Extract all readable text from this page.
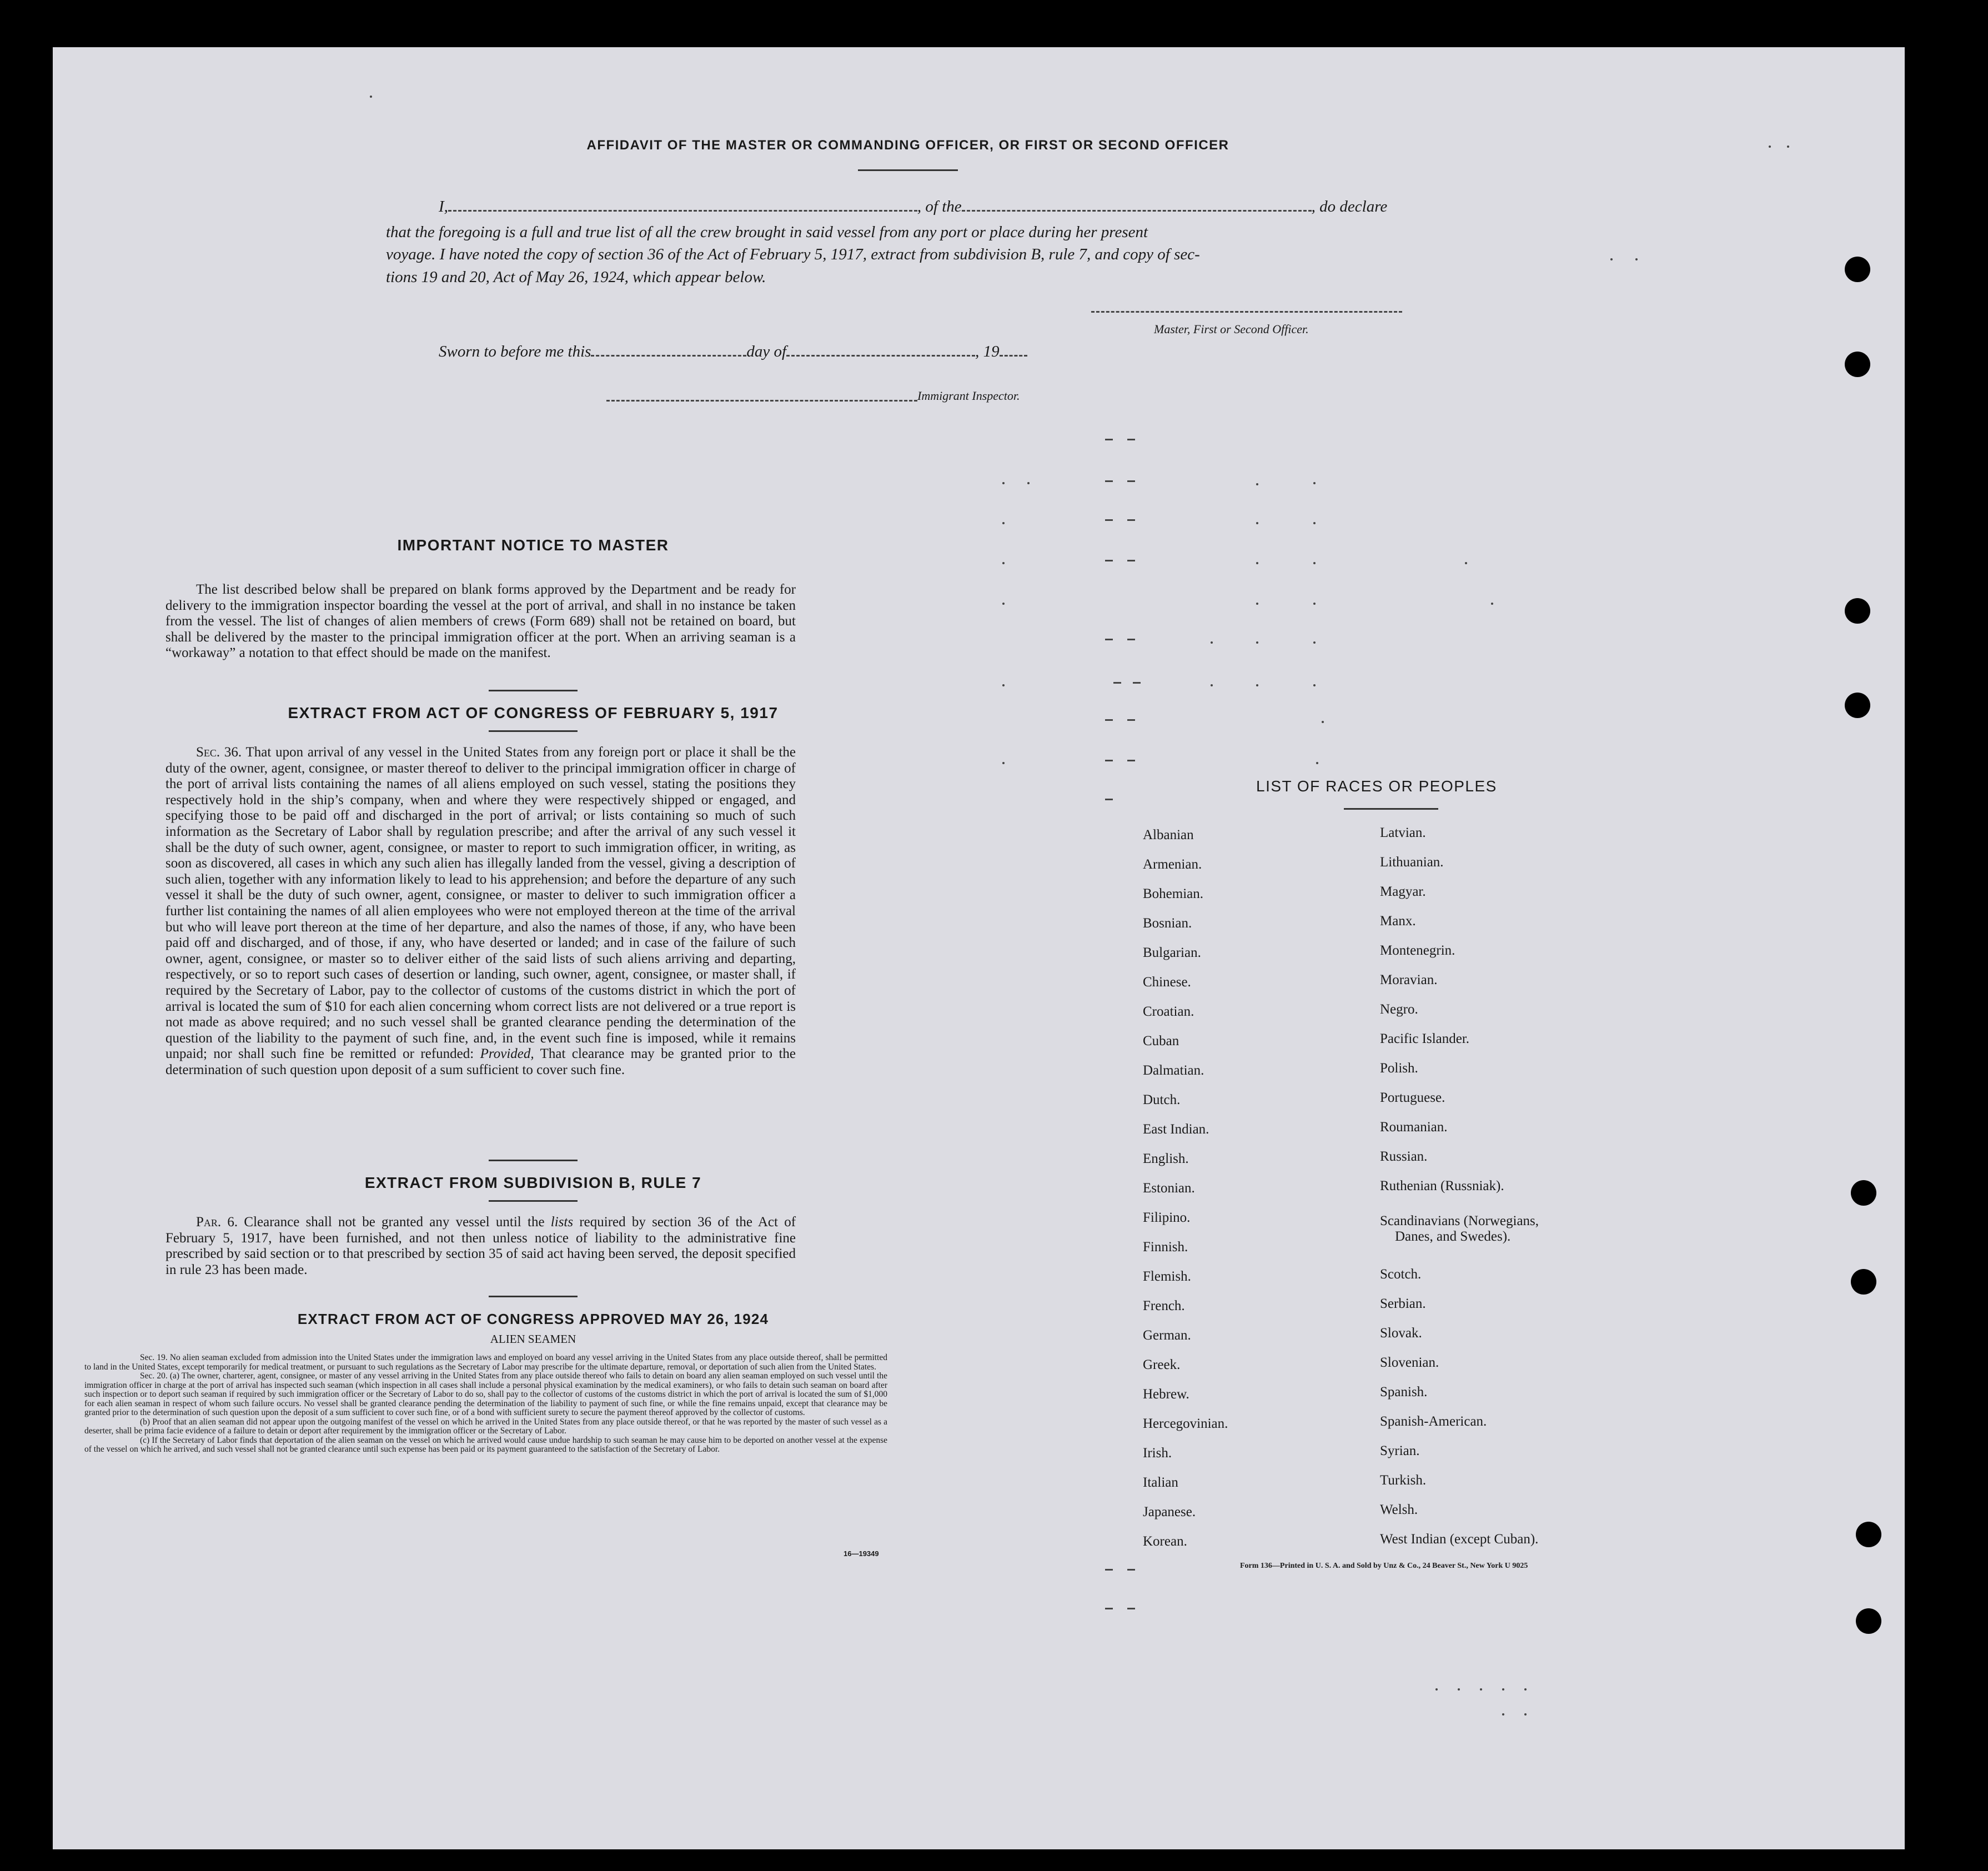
AFFIDAVIT OF THE MASTER OR COMMANDING OFFICER, OR FIRST OR SECOND OFFICER
I,	, of the	, do declare
that the foregoing is a full and true list of all the crew brought in said vessel from any port or place during her present
voyage. I have noted the copy of section 36 of the Act of February 5, 1917, extract from subdivision B, rule 7, and copy of sec-
tions 19 and 20, Act of May 26, 1924, which appear below.
Master, First or Second Officer.
Sworn to before me this	day of	, 19
Immigrant Inspector.
IMPORTANT NOTICE TO MASTER
The list described below shall be prepared on blank forms approved by the Department and be ready for delivery to the immigration inspector boarding the vessel at the port of arrival, and shall in no instance be taken from the vessel. The list of changes of alien members of crews (Form 689) shall not be retained on board, but shall be delivered by the master to the principal immigration officer at the port. When an arriving seaman is a “workaway” a notation to that effect should be made on the manifest.
EXTRACT FROM ACT OF CONGRESS OF FEBRUARY 5, 1917
Sec. 36. That upon arrival of any vessel in the United States from any foreign port or place it shall be the duty of the owner, agent, consignee, or master thereof to deliver to the principal immigration officer in charge of the port of arrival lists containing the names of all aliens employed on such vessel, stating the positions they respectively hold in the ship’s company, when and where they were respectively shipped or engaged, and specifying those to be paid off and discharged in the port of arrival; or lists containing so much of such information as the Secretary of Labor shall by regulation prescribe; and after the arrival of any such vessel it shall be the duty of such owner, agent, consignee, or master to report to such immigration officer, in writing, as soon as discovered, all cases in which any such alien has illegally landed from the vessel, giving a description of such alien, together with any information likely to lead to his apprehension; and before the departure of any such vessel it shall be the duty of such owner, agent, consignee, or master to deliver to such immigration officer a further list containing the names of all alien employees who were not employed thereon at the time of the arrival but who will leave port thereon at the time of her departure, and also the names of those, if any, who have been paid off and discharged, and of those, if any, who have deserted or landed; and in case of the failure of such owner, agent, consignee, or master so to deliver either of the said lists of such aliens arriving and departing, respectively, or so to report such cases of desertion or landing, such owner, agent, consignee, or master shall, if required by the Secretary of Labor, pay to the collector of customs of the customs district in which the port of arrival is located the sum of $10 for each alien concerning whom correct lists are not delivered or a true report is not made as above required; and no such vessel shall be granted clearance pending the determination of the question of the liability to the payment of such fine, and, in the event such fine is imposed, while it remains unpaid; nor shall such fine be remitted or refunded: Provided, That clearance may be granted prior to the determination of such question upon deposit of a sum sufficient to cover such fine.
EXTRACT FROM SUBDIVISION B, RULE 7
Par. 6. Clearance shall not be granted any vessel until the lists required by section 36 of the Act of February 5, 1917, have been furnished, and not then unless notice of liability to the administrative fine prescribed by said section or to that prescribed by section 35 of said act having been served, the deposit specified in rule 23 has been made.
EXTRACT FROM ACT OF CONGRESS APPROVED MAY 26, 1924
ALIEN SEAMEN
Sec. 19. No alien seaman excluded from admission into the United States under the immigration laws and employed on board any vessel arriving in the United States from any place outside thereof, shall be permitted to land in the United States, except temporarily for medical treatment, or pursuant to such regulations as the Secretary of Labor may prescribe for the ultimate departure, removal, or deportation of such alien from the United States.
Sec. 20. (a) The owner, charterer, agent, consignee, or master of any vessel arriving in the United States from any place outside thereof who fails to detain on board any alien seaman employed on such vessel until the immigration officer in charge at the port of arrival has inspected such seaman (which inspection in all cases shall include a personal physical examination by the medical examiners), or who fails to detain such seaman on board after such inspection or to deport such seaman if required by such immigration officer or the Secretary of Labor to do so, shall pay to the collector of customs of the customs district in which the port of arrival is located the sum of $1,000 for each alien seaman in respect of whom such failure occurs. No vessel shall be granted clearance pending the determination of the liability to payment of such fine, or while the fine remains unpaid, except that clearance may be granted prior to the determination of such question upon the deposit of a sum sufficient to cover such fine, or of a bond with sufficient surety to secure the payment thereof approved by the collector of customs.
(b) Proof that an alien seaman did not appear upon the outgoing manifest of the vessel on which he arrived in the United States from any place outside thereof, or that he was reported by the master of such vessel as a deserter, shall be prima facie evidence of a failure to detain or deport after requirement by the immigration officer or the Secretary of Labor.
(c) If the Secretary of Labor finds that deportation of the alien seaman on the vessel on which he arrived would cause undue hardship to such seaman he may cause him to be deported on another vessel at the expense of the vessel on which he arrived, and such vessel shall not be granted clearance until such expense has been paid or its payment guaranteed to the satisfaction of the Secretary of Labor.
16—19349
LIST OF RACES OR PEOPLES
Albanian
Armenian.
Bohemian.
Bosnian.
Bulgarian.
Chinese.
Croatian.
Cuban
Dalmatian.
Dutch.
East Indian.
English.
Estonian.
Filipino.
Finnish.
Flemish.
French.
German.
Greek.
Hebrew.
Hercegovinian.
Irish.
Italian
Japanese.
Korean.
Latvian.
Lithuanian.
Magyar.
Manx.
Montenegrin.
Moravian.
Negro.
Pacific Islander.
Polish.
Portuguese.
Roumanian.
Russian.
Ruthenian (Russniak).
Scandinavians (Norwegians,
Danes, and Swedes).
Scotch.
Serbian.
Slovak.
Slovenian.
Spanish.
Spanish-American.
Syrian.
Turkish.
Welsh.
West Indian (except Cuban).
Form 136—Printed in U. S. A. and Sold by Unz & Co., 24 Beaver St., New York U 9025
